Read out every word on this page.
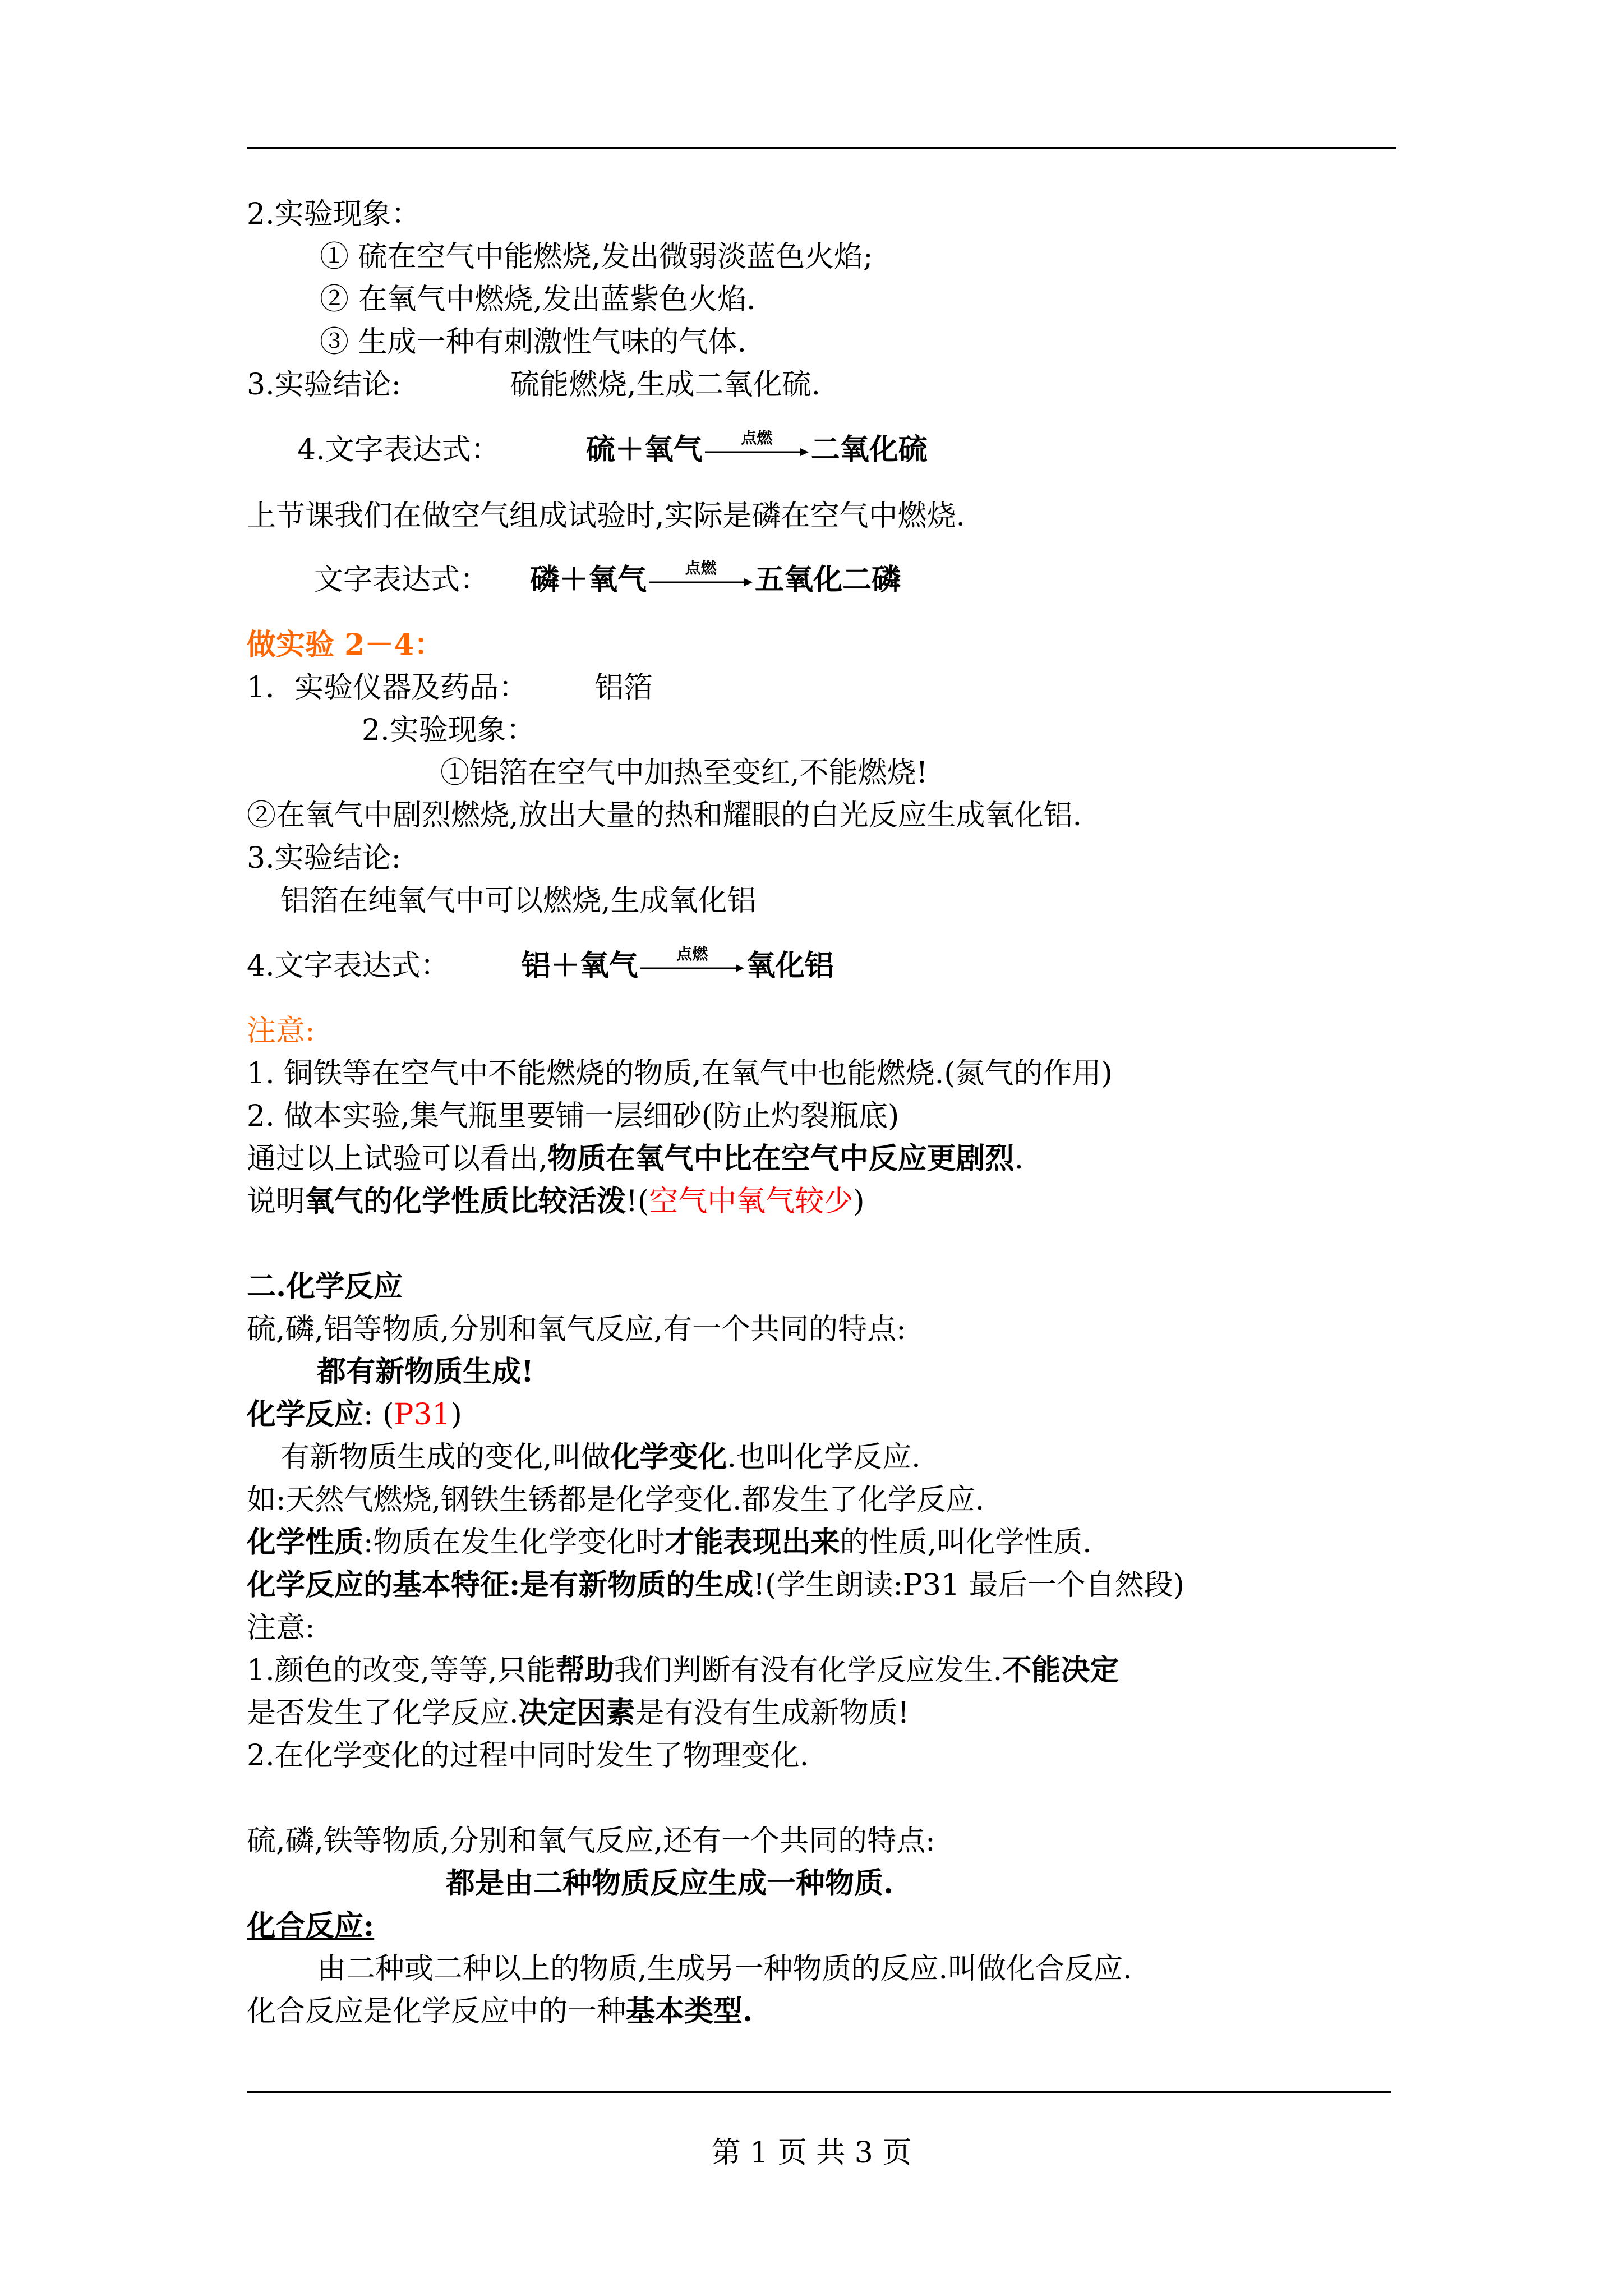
2.实验现象：
① 硫在空气中能燃烧,发出微弱淡蓝色火焰;
② 在氧气中燃烧,发出蓝紫色火焰.
③ 生成一种有刺激性气味的气体.
3.实验结论:	硫能燃烧,生成二氧化硫.
4.文字表达式：	硫＋氧气	点燃	二氧化硫
上节课我们在做空气组成试验时,实际是磷在空气中燃烧.
文字表达式： 磷＋氧气	点燃	五氧化二磷
做实验 2－4：
1．实验仪器及药品： 铝箔
2.实验现象：
①铝箔在空气中加热至变红,不能燃烧!
②在氧气中剧烈燃烧,放出大量的热和耀眼的白光反应生成氧化铝.
3.实验结论:
铝箔在纯氧气中可以燃烧,生成氧化铝
4.文字表达式： 铝＋氧气	点燃	氧化铝
注意:
1. 铜铁等在空气中不能燃烧的物质,在氧气中也能燃烧.(氮气的作用)
2. 做本实验,集气瓶里要铺一层细砂(防止灼裂瓶底)
通过以上试验可以看出,物质在氧气中比在空气中反应更剧烈.
说明氧气的化学性质比较活泼!(空气中氧气较少)
二.化学反应
硫,磷,铝等物质,分别和氧气反应,有一个共同的特点:
都有新物质生成!
化学反应: (P31)
有新物质生成的变化,叫做化学变化.也叫化学反应.
如:天然气燃烧,钢铁生锈都是化学变化.都发生了化学反应.
化学性质:物质在发生化学变化时才能表现出来的性质,叫化学性质.
化学反应的基本特征:是有新物质的生成!(学生朗读:P31 最后一个自然段)
注意:
1.颜色的改变,等等,只能帮助我们判断有没有化学反应发生.不能决定
是否发生了化学反应.决定因素是有没有生成新物质!
2.在化学变化的过程中同时发生了物理变化.
硫,磷,铁等物质,分别和氧气反应,还有一个共同的特点:
都是由二种物质反应生成一种物质.
化合反应:
由二种或二种以上的物质,生成另一种物质的反应.叫做化合反应.
化合反应是化学反应中的一种基本类型.
第 1 页 共 3 页
